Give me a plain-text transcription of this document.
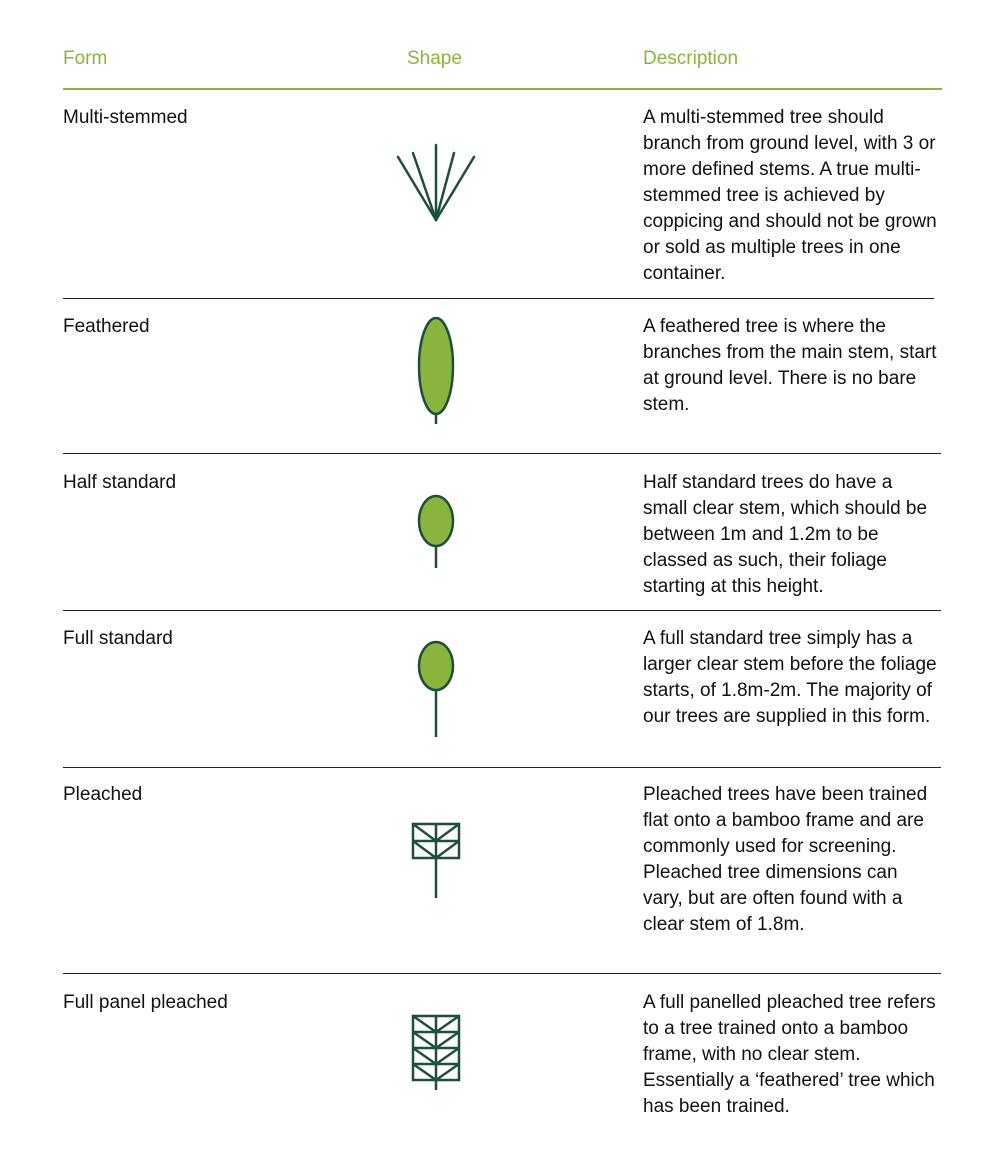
Form	Shape	Description
Multi-stemmed	A multi-stemmed tree should branch from ground level, with 3 or more defined stems. A true multi-stemmed tree is achieved by coppicing and should not be grown or sold as multiple trees in one container.
Feathered	A feathered tree is where the branches from the main stem, start at ground level. There is no bare stem.
Half standard	Half standard trees do have a small clear stem, which should be between 1m and 1.2m to be classed as such, their foliage starting at this height.
Full standard	A full standard tree simply has a larger clear stem before the foliage starts, of 1.8m-2m. The majority of our trees are supplied in this form.
Pleached	Pleached trees have been trained flat onto a bamboo frame and are commonly used for screening. Pleached tree dimensions can vary, but are often found with a clear stem of 1.8m.
Full panel pleached	A full panelled pleached tree refers to a tree trained onto a bamboo frame, with no clear stem. Essentially a ‘feathered’ tree which has been trained.
